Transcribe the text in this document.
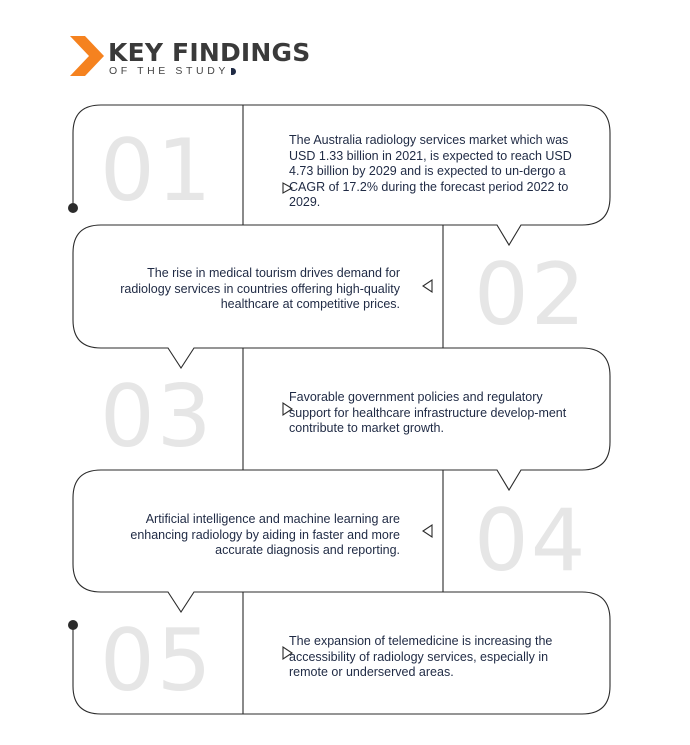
KEY FINDINGS
OF THE STUDY
01
02
03
04
05
The Australia radiology services market which was USD 1.33 billion in 2021, is expected to reach USD 4.73 billion by 2029 and is expected to un-dergo a CAGR of 17.2% during the forecast period 2022 to 2029.
The rise in medical tourism drives demand for radiology services in countries offering high-quality healthcare at competitive prices.
Favorable government policies and regulatory support for healthcare infrastructure develop-ment contribute to market growth.
Artificial intelligence and machine learning are enhancing radiology by aiding in faster and more accurate diagnosis and reporting.
The expansion of telemedicine is increasing the accessibility of radiology services, especially in remote or underserved areas.
